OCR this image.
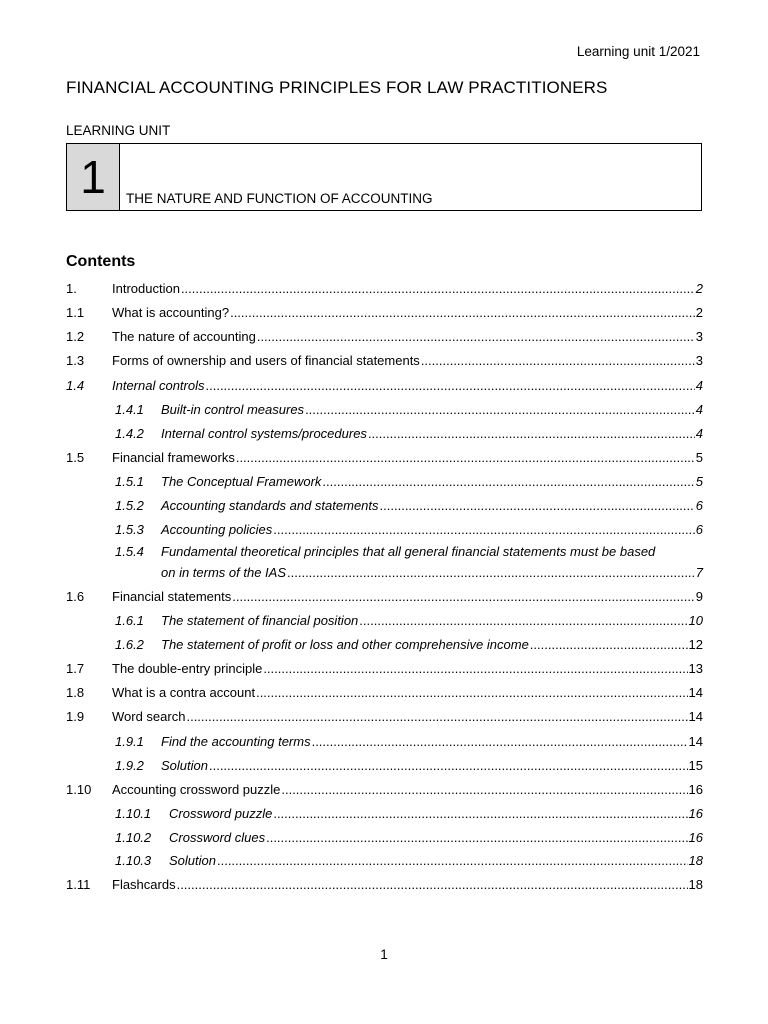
Learning unit 1/2021
FINANCIAL ACCOUNTING PRINCIPLES FOR LAW PRACTITIONERS
LEARNING UNIT
1	THE NATURE AND FUNCTION OF ACCOUNTING
Contents
1.	Introduction .....	2
1.1 What is accounting? .....	2
1.2 The nature of accounting .....	3
1.3 Forms of ownership and users of financial statements .....	3
1.4 Internal controls .....	4
1.4.1 Built-in control measures .....	4
1.4.2 Internal control systems/procedures .....	4
1.5 Financial frameworks .....	5
1.5.1 The Conceptual Framework .....	5
1.5.2 Accounting standards and statements .....	6
1.5.3 Accounting policies .....	6
1.5.4 Fundamental theoretical principles that all general financial statements must be based
on in terms of the IAS .....	7
1.6 Financial statements .....	9
1.6.1 The statement of financial position .....	10
1.6.2 The statement of profit or loss and other comprehensive income .....	12
1.7 The double-entry principle .....	13
1.8 What is a contra account .....	14
1.9 Word search .....	14
1.9.1 Find the accounting terms .....	14
1.9.2 Solution .....	15
1.10 Accounting crossword puzzle .....	16
1.10.1 Crossword puzzle .....	16
1.10.2 Crossword clues .....	16
1.10.3 Solution .....	18
1.11 Flashcards .....	18
1
